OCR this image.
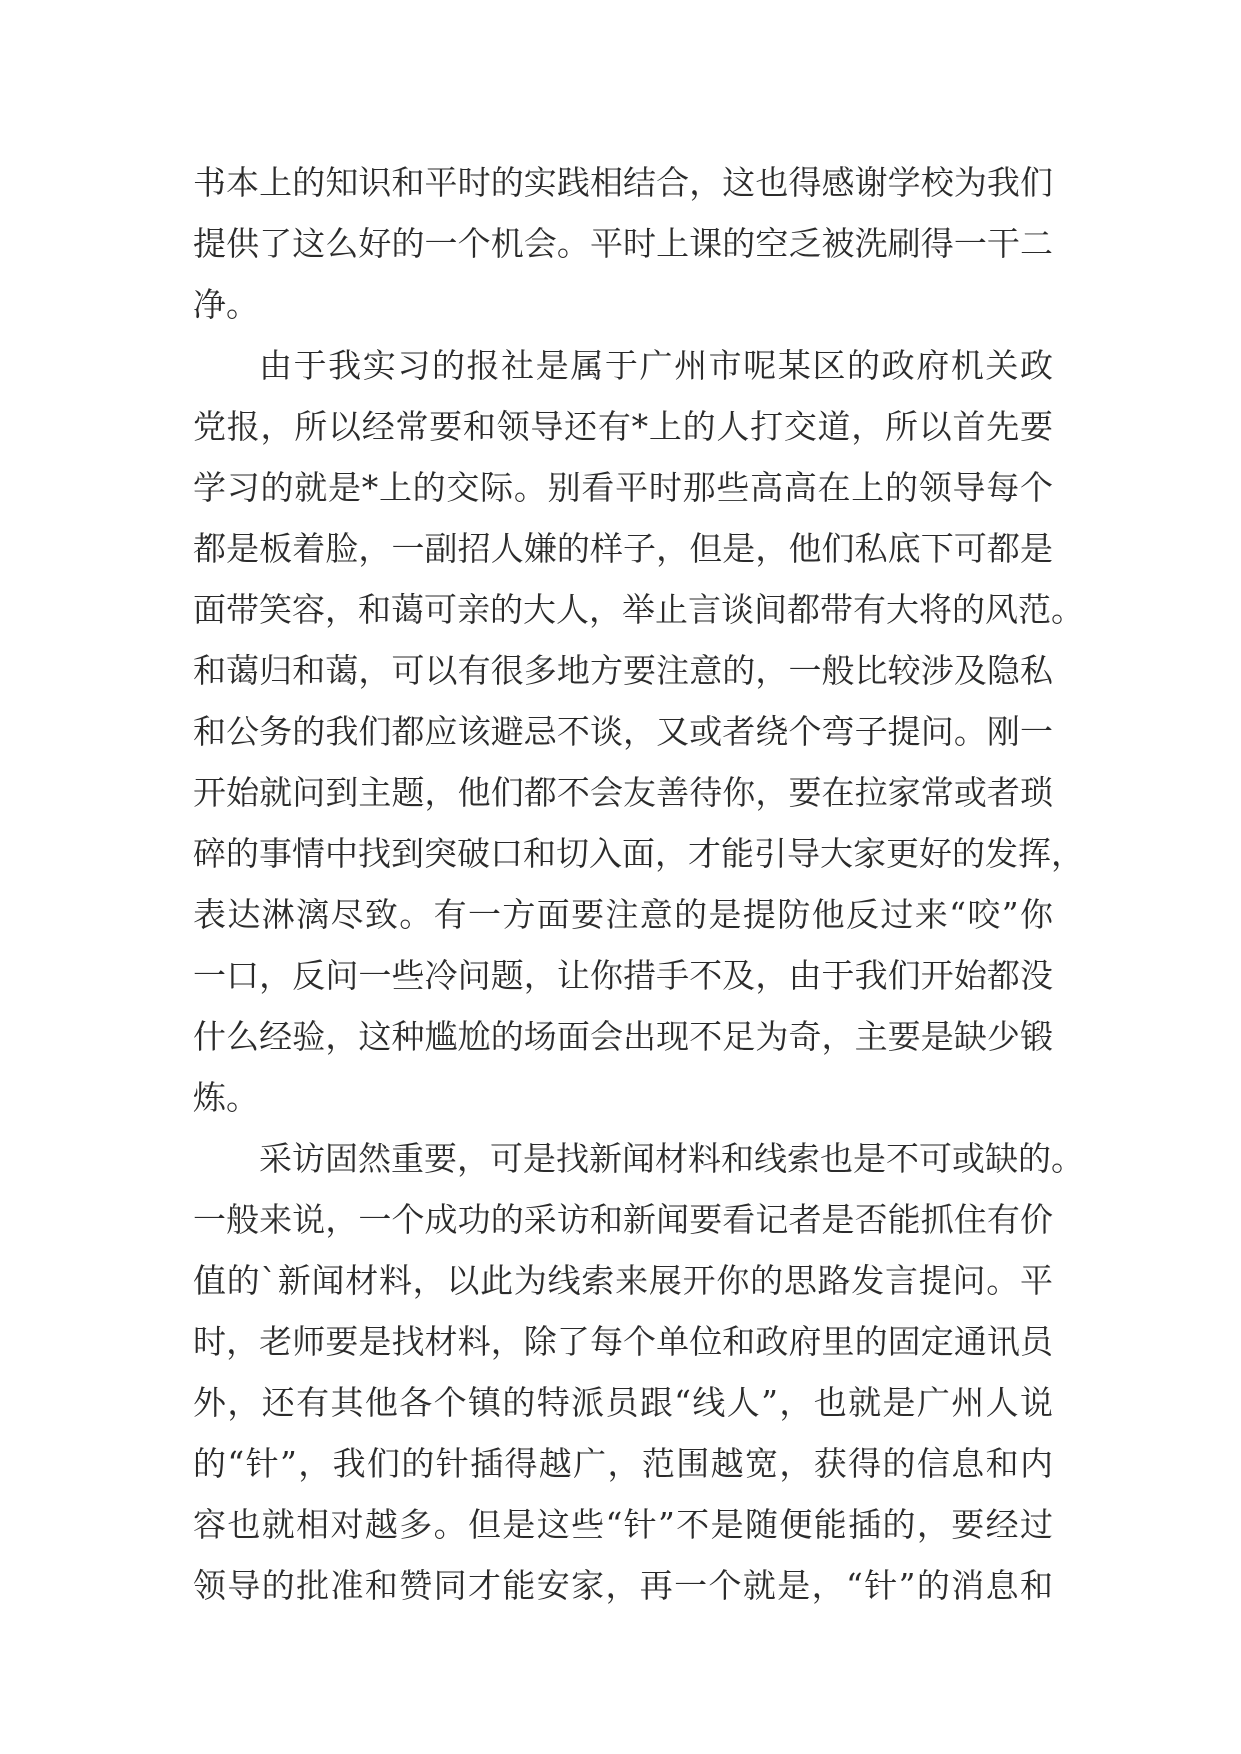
书本上的知识和平时的实践相结合，这也得感谢学校为我们
提供了这么好的一个机会。平时上课的空乏被洗刷得一干二
净。
由于我实习的报社是属于广州市呢某区的政府机关政
党报，所以经常要和领导还有*上的人打交道，所以首先要
学习的就是*上的交际。别看平时那些高高在上的领导每个
都是板着脸，一副招人嫌的样子，但是，他们私底下可都是
面带笑容，和蔼可亲的大人，举止言谈间都带有大将的风范。
和蔼归和蔼，可以有很多地方要注意的，一般比较涉及隐私
和公务的我们都应该避忌不谈，又或者绕个弯子提问。刚一
开始就问到主题，他们都不会友善待你，要在拉家常或者琐
碎的事情中找到突破口和切入面，才能引导大家更好的发挥，
表达淋漓尽致。有一方面要注意的是提防他反过来“咬”你
一口，反问一些冷问题，让你措手不及，由于我们开始都没
什么经验，这种尴尬的场面会出现不足为奇，主要是缺少锻
炼。
采访固然重要，可是找新闻材料和线索也是不可或缺的。
一般来说，一个成功的采访和新闻要看记者是否能抓住有价
值的`新闻材料，以此为线索来展开你的思路发言提问。平
时，老师要是找材料，除了每个单位和政府里的固定通讯员
外，还有其他各个镇的特派员跟“线人”，也就是广州人说
的“针”，我们的针插得越广，范围越宽，获得的信息和内
容也就相对越多。但是这些“针”不是随便能插的，要经过
领导的批准和赞同才能安家，再一个就是，“针”的消息和
